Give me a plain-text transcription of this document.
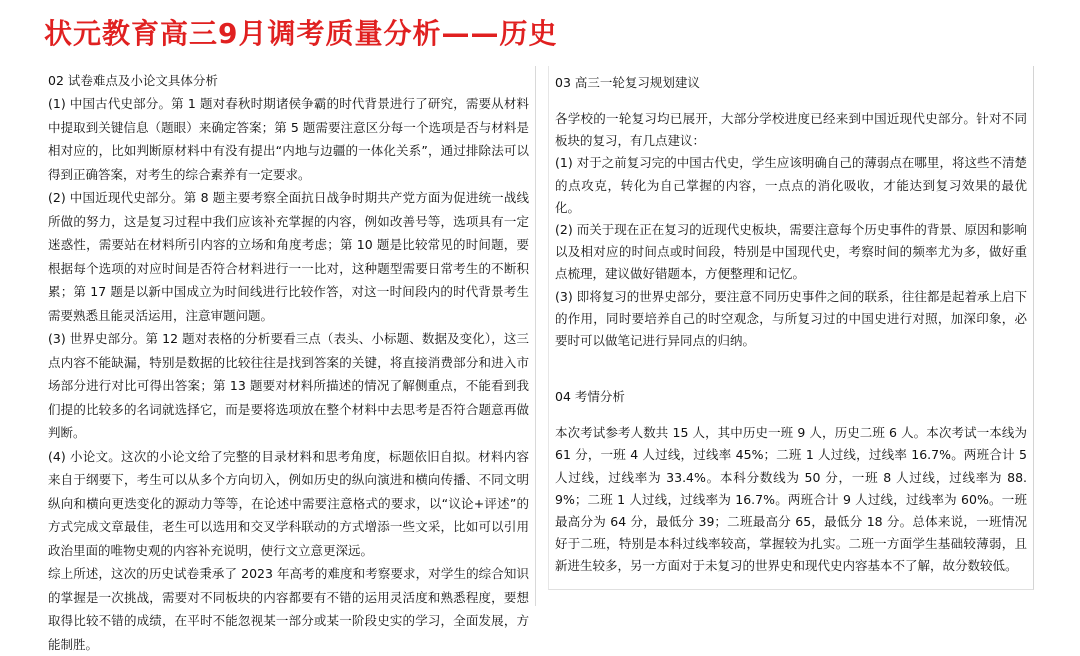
状元教育高三9月调考质量分析——历史

02 试卷难点及小论文具体分析

(1) 中国古代史部分。第 1 题对春秋时期诸侯争霸的时代背景进行了研究，需要从材料中提取到关键信息（题眼）来确定答案；第 5 题需要注意区分每一个选项是否与材料是相对应的，比如判断原材料中有没有提出“内地与边疆的一体化关系”，通过排除法可以得到正确答案，对考生的综合素养有一定要求。

(2) 中国近现代史部分。第 8 题主要考察全面抗日战争时期共产党方面为促进统一战线所做的努力，这是复习过程中我们应该补充掌握的内容，例如改善号等，选项具有一定迷惑性，需要站在材料所引内容的立场和角度考虑；第 10 题是比较常见的时间题，要根据每个选项的对应时间是否符合材料进行一一比对，这种题型需要日常考生的不断积累；第 17 题是以新中国成立为时间线进行比较作答，对这一时间段内的时代背景考生需要熟悉且能灵活运用，注意审题问题。

(3) 世界史部分。第 12 题对表格的分析要看三点（表头、小标题、数据及变化），这三点内容不能缺漏，特别是数据的比较往往是找到答案的关键，将直接消费部分和进入市场部分进行对比可得出答案；第 13 题要对材料所描述的情况了解侧重点，不能看到我们提的比较多的名词就选择它，而是要将选项放在整个材料中去思考是否符合题意再做判断。

(4) 小论文。这次的小论文给了完整的目录材料和思考角度，标题依旧自拟。材料内容来自于纲要下，考生可以从多个方向切入，例如历史的纵向演进和横向传播、不同文明纵向和横向更迭变化的源动力等等，在论述中需要注意格式的要求，以“议论+评述”的方式完成文章最佳，老生可以选用和交叉学科联动的方式增添一些文采，比如可以引用政治里面的唯物史观的内容补充说明，使行文立意更深远。

综上所述，这次的历史试卷秉承了 2023 年高考的难度和考察要求，对学生的综合知识的掌握是一次挑战，需要对不同板块的内容都要有不错的运用灵活度和熟悉程度，要想取得比较不错的成绩，在平时不能忽视某一部分或某一阶段史实的学习，全面发展，方能制胜。

03 高三一轮复习规划建议

各学校的一轮复习均已展开，大部分学校进度已经来到中国近现代史部分。针对不同板块的复习，有几点建议：

(1) 对于之前复习完的中国古代史，学生应该明确自己的薄弱点在哪里，将这些不清楚的点攻克，转化为自己掌握的内容，一点点的消化吸收，才能达到复习效果的最优化。

(2) 而关于现在正在复习的近现代史板块，需要注意每个历史事件的背景、原因和影响以及相对应的时间点或时间段，特别是中国现代史，考察时间的频率尤为多，做好重点梳理，建议做好错题本，方便整理和记忆。

(3) 即将复习的世界史部分，要注意不同历史事件之间的联系，往往都是起着承上启下的作用，同时要培养自己的时空观念，与所复习过的中国史进行对照，加深印象，必要时可以做笔记进行异同点的归纳。

04 考情分析

本次考试参考人数共 15 人，其中历史一班 9 人，历史二班 6 人。本次考试一本线为 61 分，一班 4 人过线，过线率 45%；二班 1 人过线，过线率 16.7%。两班合计 5 人过线，过线率为 33.4%。本科分数线为 50 分，一班 8 人过线，过线率为 88.9%；二班 1 人过线，过线率为 16.7%。两班合计 9 人过线，过线率为 60%。一班最高分为 64 分，最低分 39；二班最高分 65，最低分 18 分。总体来说，一班情况好于二班，特别是本科过线率较高，掌握较为扎实。二班一方面学生基础较薄弱，且新进生较多，另一方面对于未复习的世界史和现代史内容基本不了解，故分数较低。
